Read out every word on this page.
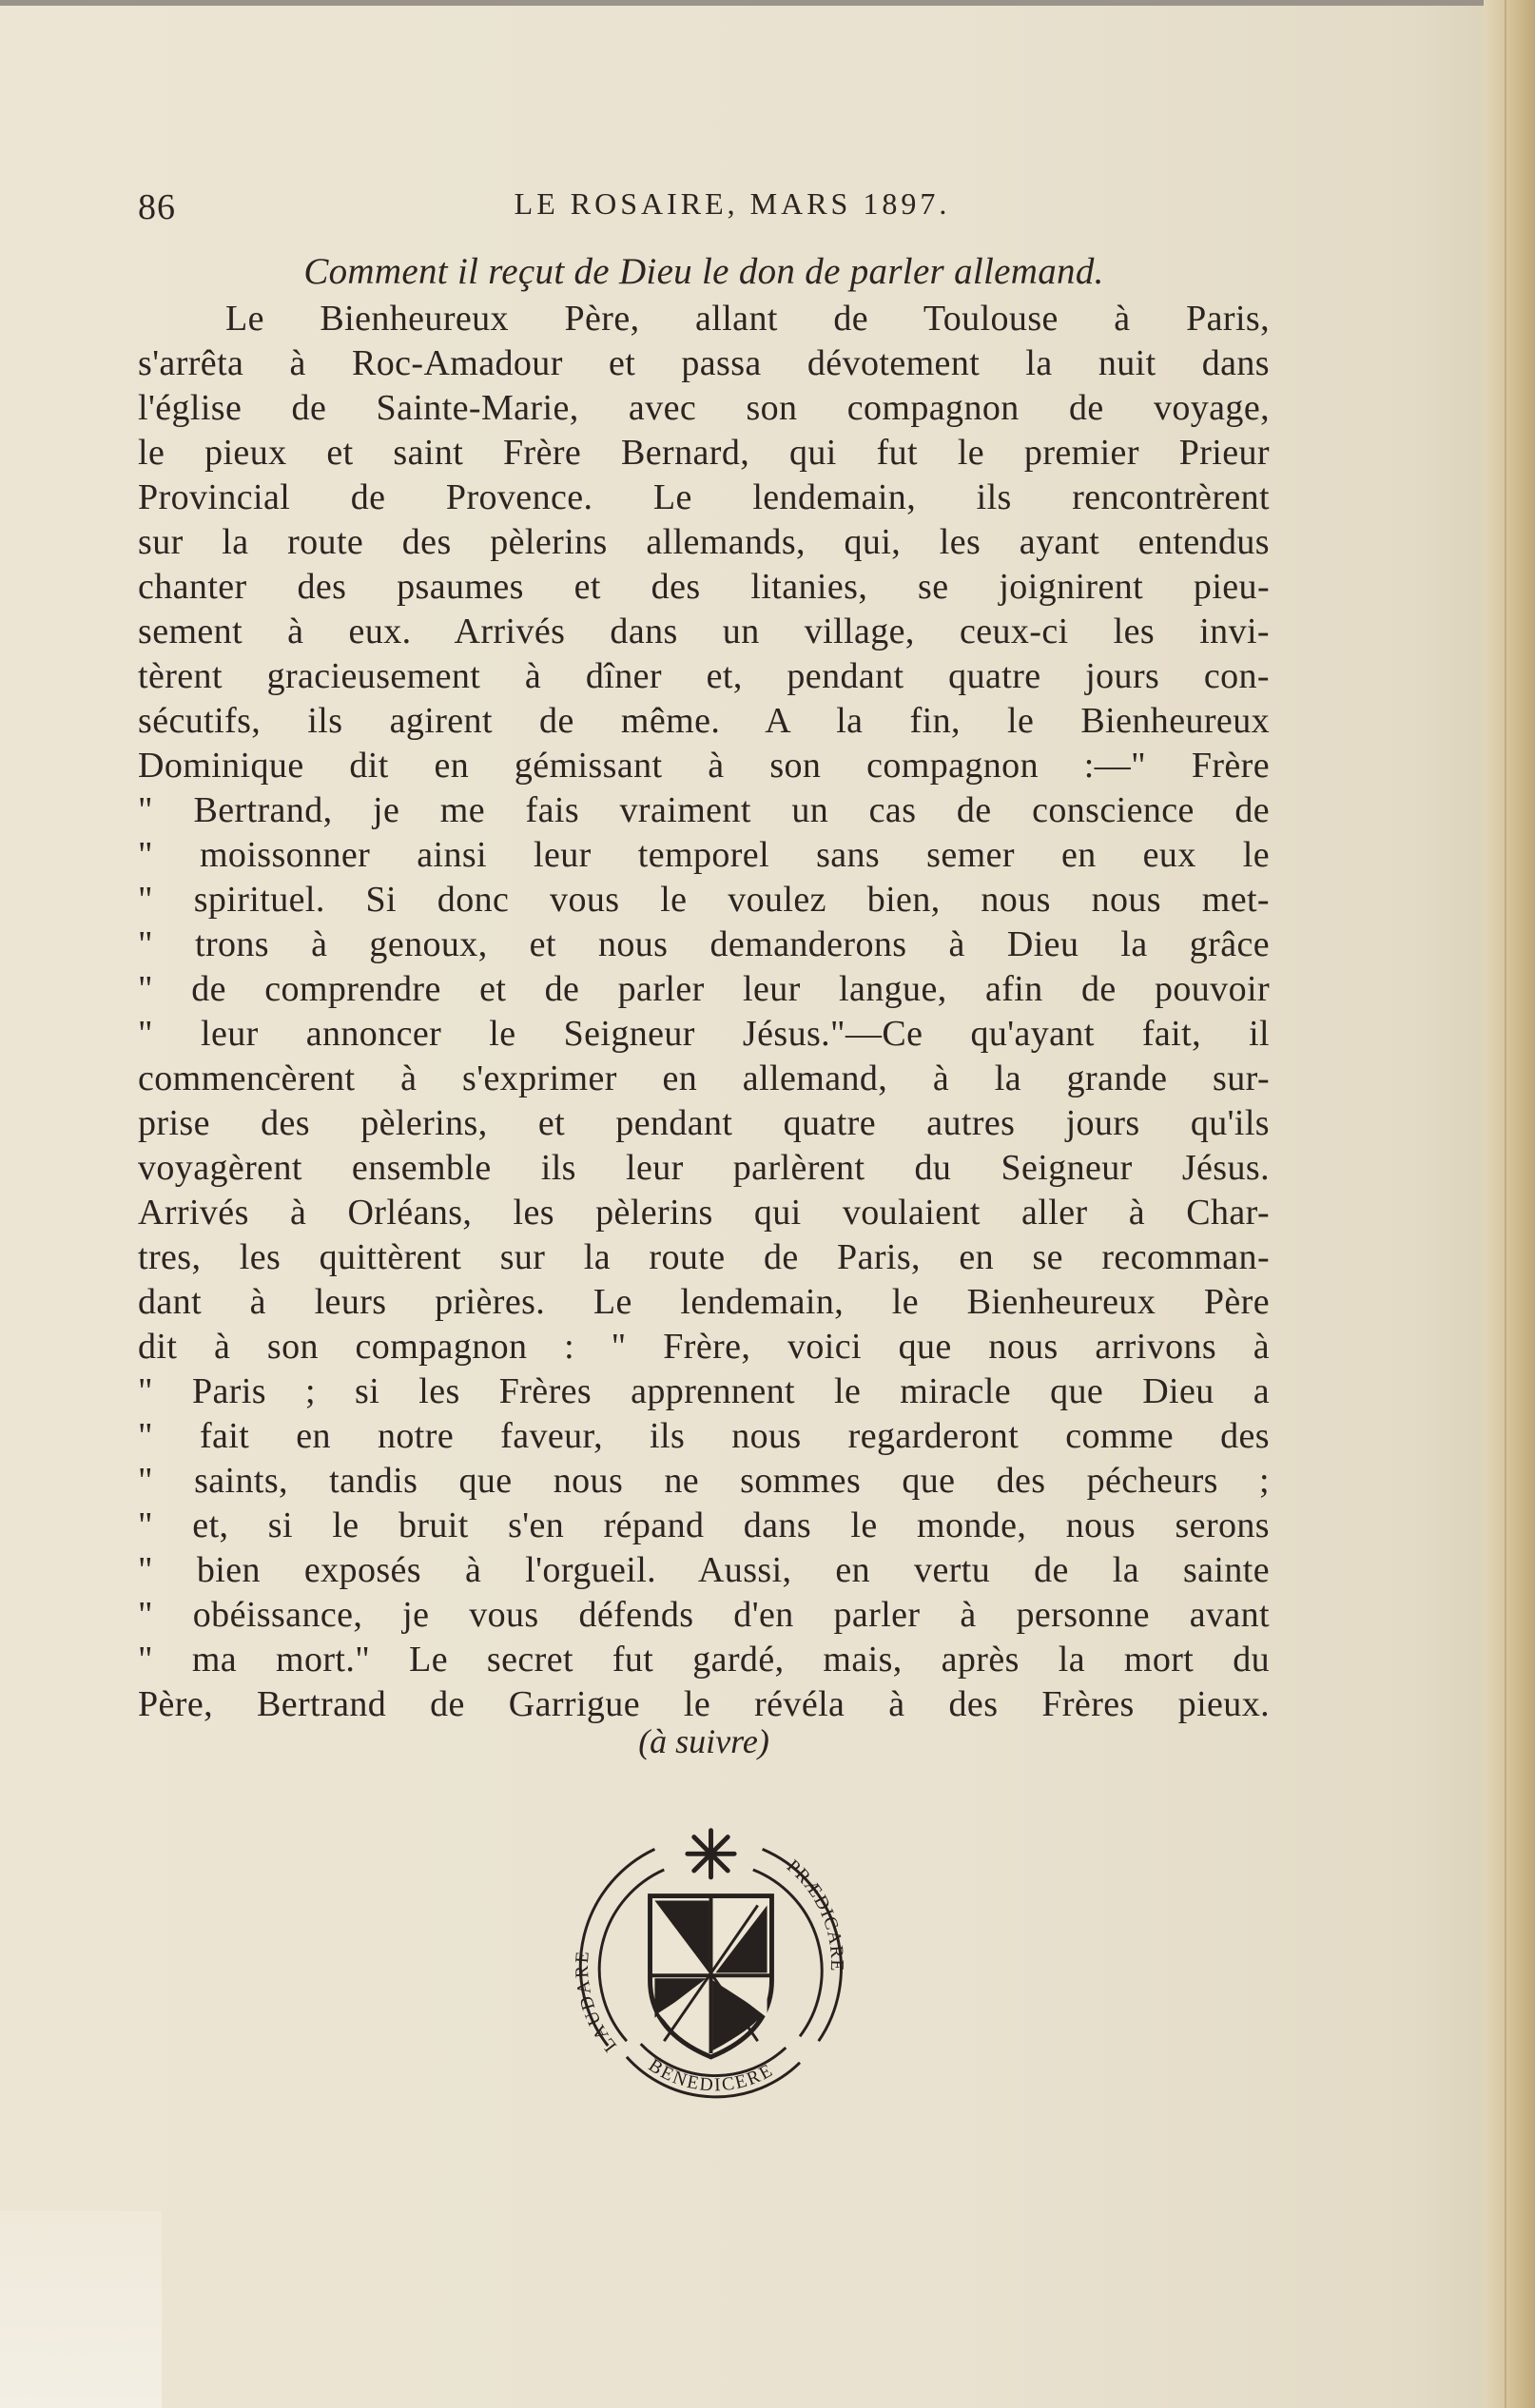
86	LE ROSAIRE, MARS 1897.
Comment il reçut de Dieu le don de parler allemand.
Le Bienheureux Père, allant de Toulouse à Paris,
s'arrêta à Roc-Amadour et passa dévotement la nuit dans
l'église de Sainte-Marie, avec son compagnon de voyage,
le pieux et saint Frère Bernard, qui fut le premier Prieur
Provincial de Provence. Le lendemain, ils rencontrèrent
sur la route des pèlerins allemands, qui, les ayant entendus
chanter des psaumes et des litanies, se joignirent pieu-
sement à eux. Arrivés dans un village, ceux-ci les invi-
tèrent gracieusement à dîner et, pendant quatre jours con-
sécutifs, ils agirent de même. A la fin, le Bienheureux
Dominique dit en gémissant à son compagnon :—" Frère
" Bertrand, je me fais vraiment un cas de conscience de
" moissonner ainsi leur temporel sans semer en eux le
" spirituel. Si donc vous le voulez bien, nous nous met-
" trons à genoux, et nous demanderons à Dieu la grâce
" de comprendre et de parler leur langue, afin de pouvoir
" leur annoncer le Seigneur Jésus."—Ce qu'ayant fait, il
commencèrent à s'exprimer en allemand, à la grande sur-
prise des pèlerins, et pendant quatre autres jours qu'ils
voyagèrent ensemble ils leur parlèrent du Seigneur Jésus.
Arrivés à Orléans, les pèlerins qui voulaient aller à Char-
tres, les quittèrent sur la route de Paris, en se recomman-
dant à leurs prières. Le lendemain, le Bienheureux Père
dit à son compagnon : " Frère, voici que nous arrivons à
" Paris ; si les Frères apprennent le miracle que Dieu a
" fait en notre faveur, ils nous regarderont comme des
" saints, tandis que nous ne sommes que des pécheurs ;
" et, si le bruit s'en répand dans le monde, nous serons
" bien exposés à l'orgueil. Aussi, en vertu de la sainte
" obéissance, je vous défends d'en parler à personne avant
" ma mort." Le secret fut gardé, mais, après la mort du
Père, Bertrand de Garrigue le révéla à des Frères pieux.
(à suivre)
LAUDARE
PRÆDICARE
BENEDICERE
